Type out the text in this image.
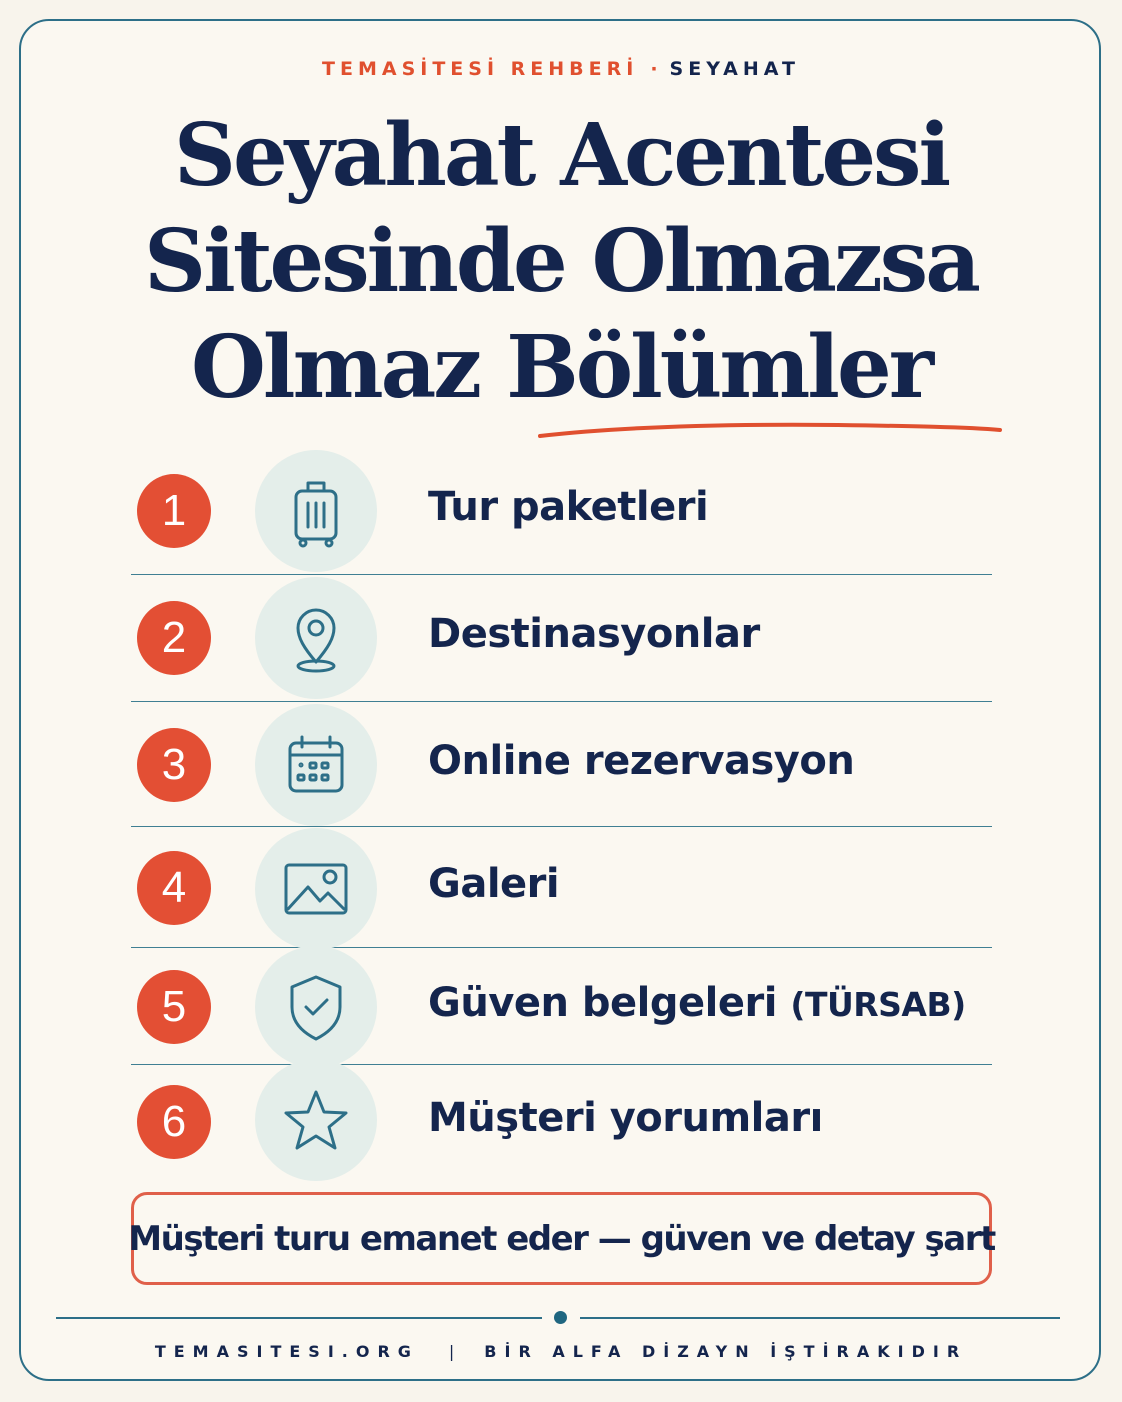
TEMASİTESİ REHBERİ · SEYAHAT
Seyahat Acentesi
Sitesinde Olmazsa
Olmaz Bölümler
1	Tur paketleri
2	Destinasyonlar
3	Online rezervasyon
4	Galeri
5	Güven belgeleri (TÜRSAB)
6	Müşteri yorumları
Müşteri turu emanet eder — güven ve detay şart
TEMASITESI.ORG | BİR ALFA DİZAYN İŞTİRAKIDIR
